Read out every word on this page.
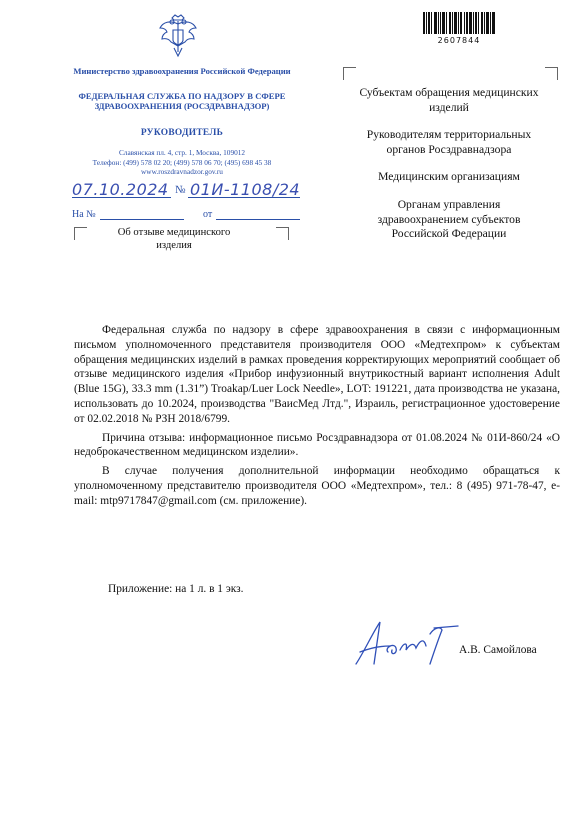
Министерство здравоохранения Российской Федерации
ФЕДЕРАЛЬНАЯ СЛУЖБА ПО НАДЗОРУ В СФЕРЕ ЗДРАВООХРАНЕНИЯ (РОСЗДРАВНАДЗОР)
РУКОВОДИТЕЛЬ
Славянская пл. 4, стр. 1, Москва, 109012
Телефон: (499) 578 02 20; (499) 578 06 70; (495) 698 45 38
www.roszdravnadzor.gov.ru
07.10.2024 № 01И-1108/24
На №	от
Об отзыве медицинского изделия
2607844
Субъектам обращения медицинских изделий
Руководителям территориальных органов Росздравнадзора
Медицинским организациям
Органам управления здравоохранением субъектов Российской Федерации

Федеральная служба по надзору в сфере здравоохранения в связи с информационным письмом уполномоченного представителя производителя ООО «Медтехпром» к субъектам обращения медицинских изделий в рамках проведения корректирующих мероприятий сообщает об отзыве медицинского изделия «Прибор инфузионный внутрикостный вариант исполнения Adult (Blue 15G), 33.3 mm (1.31”) Troakap/Luer Lock Needle», LOT: 191221, дата производства не указана, использовать до 10.2024, производства "ВаисМед Лтд.", Израиль, регистрационное удостоверение от 02.02.2018 № РЗН 2018/6799.

Причина отзыва: информационное письмо Росздравнадзора от 01.08.2024 № 01И-860/24 «О недоброкачественном медицинском изделии».

В случае получения дополнительной информации необходимо обращаться к уполномоченному представителю производителя ООО «Медтехпром», тел.: 8 (495) 971-78-47, e-mail: mtp9717847@gmail.com (см. приложение).

Приложение: на 1 л. в 1 экз.
А.В. Самойлова
